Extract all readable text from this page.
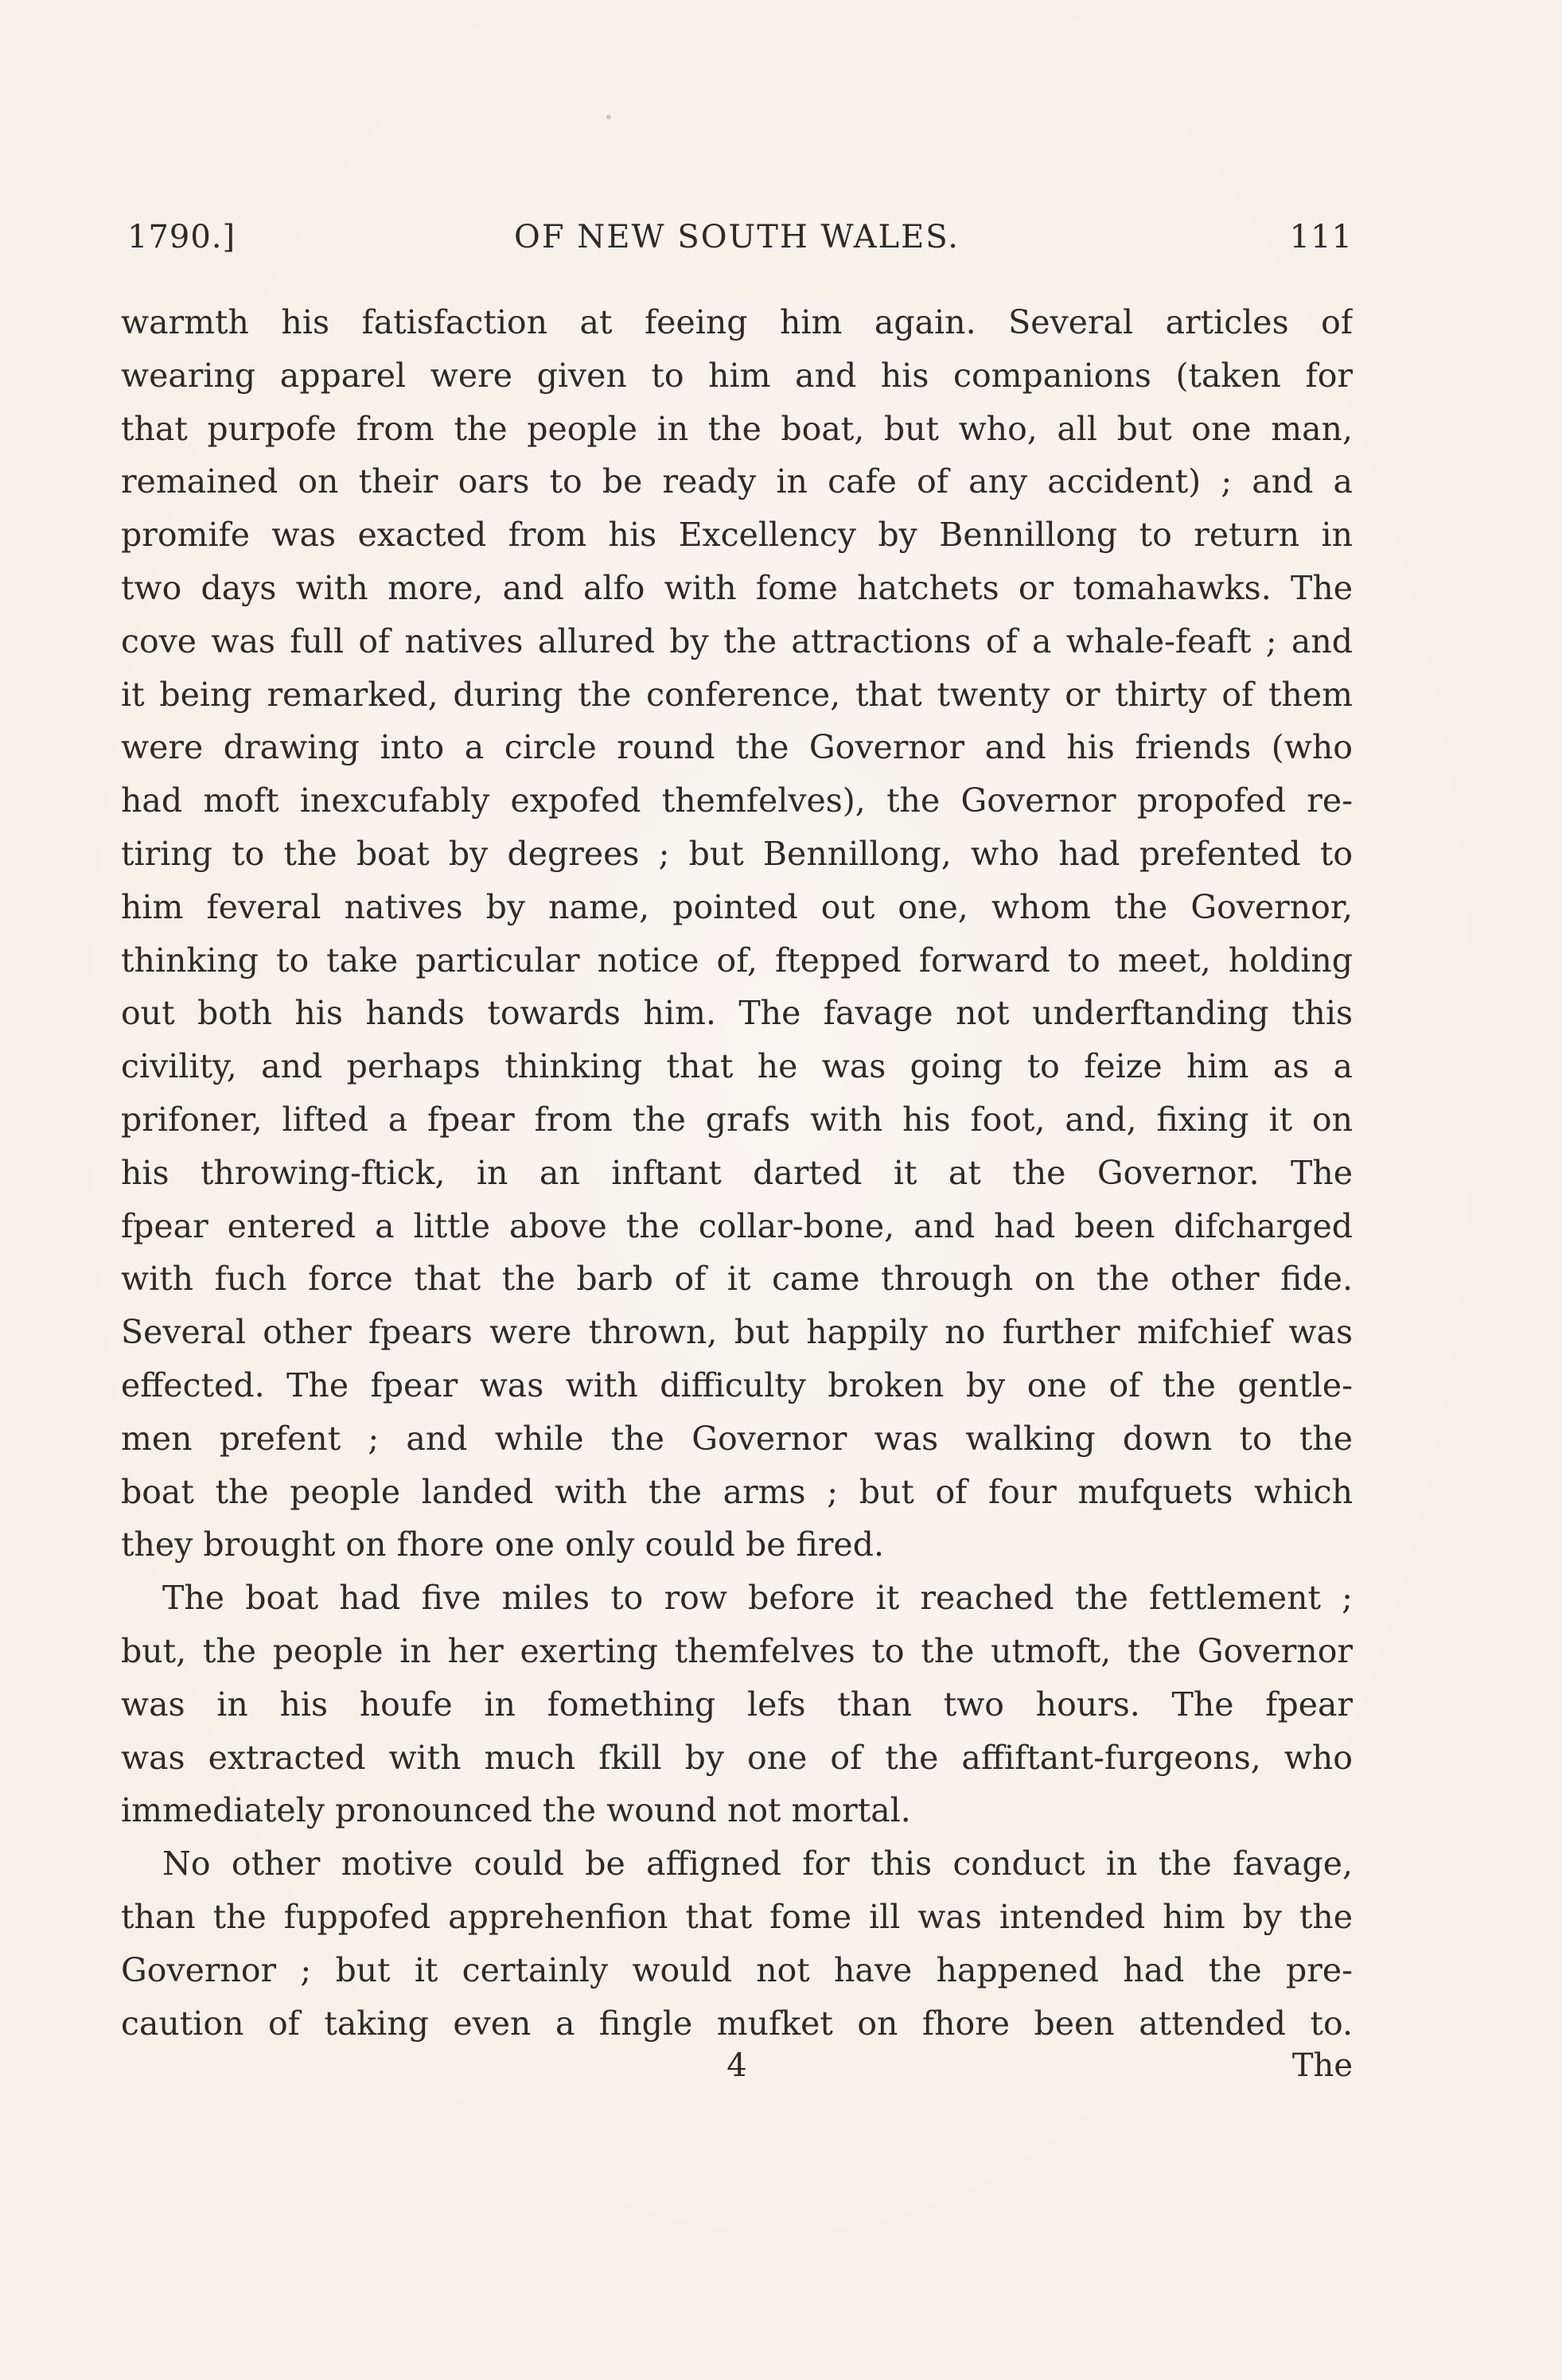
1790.]	OF NEW SOUTH WALES.	111
warmth his fatisfaction at feeing him again. Several articles of
wearing apparel were given to him and his companions (taken for
that purpofe from the people in the boat, but who, all but one man,
remained on their oars to be ready in cafe of any accident) ; and a
promife was exacted from his Excellency by Bennillong to return in
two days with more, and alfo with fome hatchets or tomahawks. The
cove was full of natives allured by the attractions of a whale-feaft ; and
it being remarked, during the conference, that twenty or thirty of them
were drawing into a circle round the Governor and his friends (who
had moft inexcufably expofed themfelves), the Governor propofed re-
tiring to the boat by degrees ; but Bennillong, who had prefented to
him feveral natives by name, pointed out one, whom the Governor,
thinking to take particular notice of, ftepped forward to meet, holding
out both his hands towards him. The favage not underftanding this
civility, and perhaps thinking that he was going to feize him as a
prifoner, lifted a fpear from the grafs with his foot, and, fixing it on
his throwing-ftick, in an inftant darted it at the Governor. The
fpear entered a little above the collar-bone, and had been difcharged
with fuch force that the barb of it came through on the other fide.
Several other fpears were thrown, but happily no further mifchief was
effected. The fpear was with difficulty broken by one of the gentle-
men prefent ; and while the Governor was walking down to the
boat the people landed with the arms ; but of four mufquets which
they brought on fhore one only could be fired.
The boat had five miles to row before it reached the fettlement ;
but, the people in her exerting themfelves to the utmoft, the Governor
was in his houfe in fomething lefs than two hours. The fpear
was extracted with much fkill by one of the affiftant-furgeons, who
immediately pronounced the wound not mortal.
No other motive could be affigned for this conduct in the favage,
than the fuppofed apprehenfion that fome ill was intended him by the
Governor ; but it certainly would not have happened had the pre-
caution of taking even a fingle mufket on fhore been attended to.
4	The
